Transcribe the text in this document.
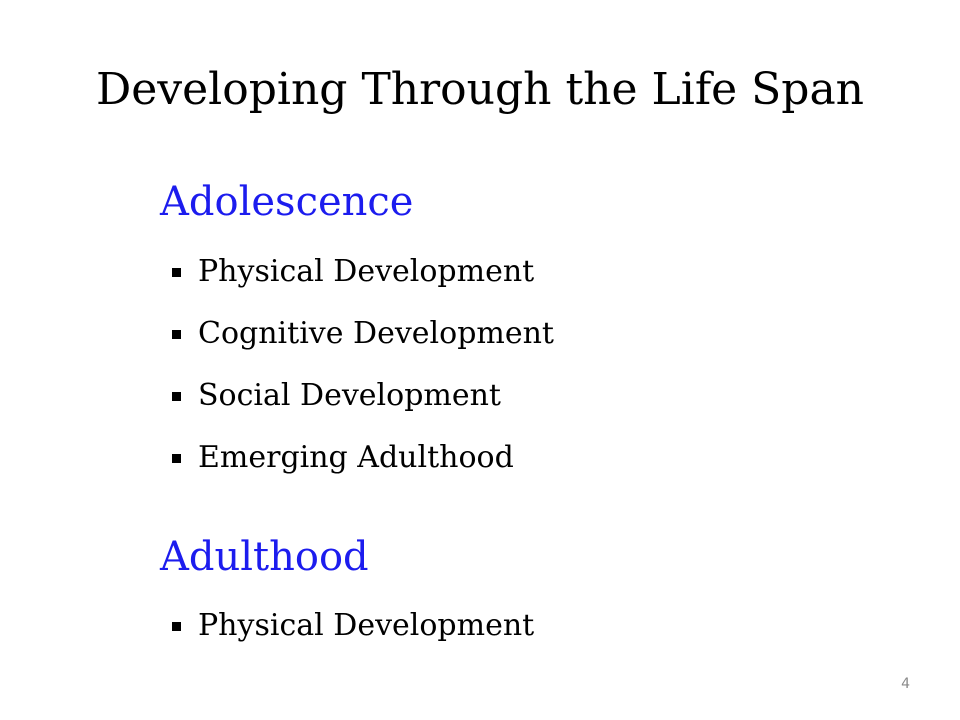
Developing Through the Life Span
Adolescence
Physical Development
Cognitive Development
Social Development
Emerging Adulthood
Adulthood
Physical Development
4
